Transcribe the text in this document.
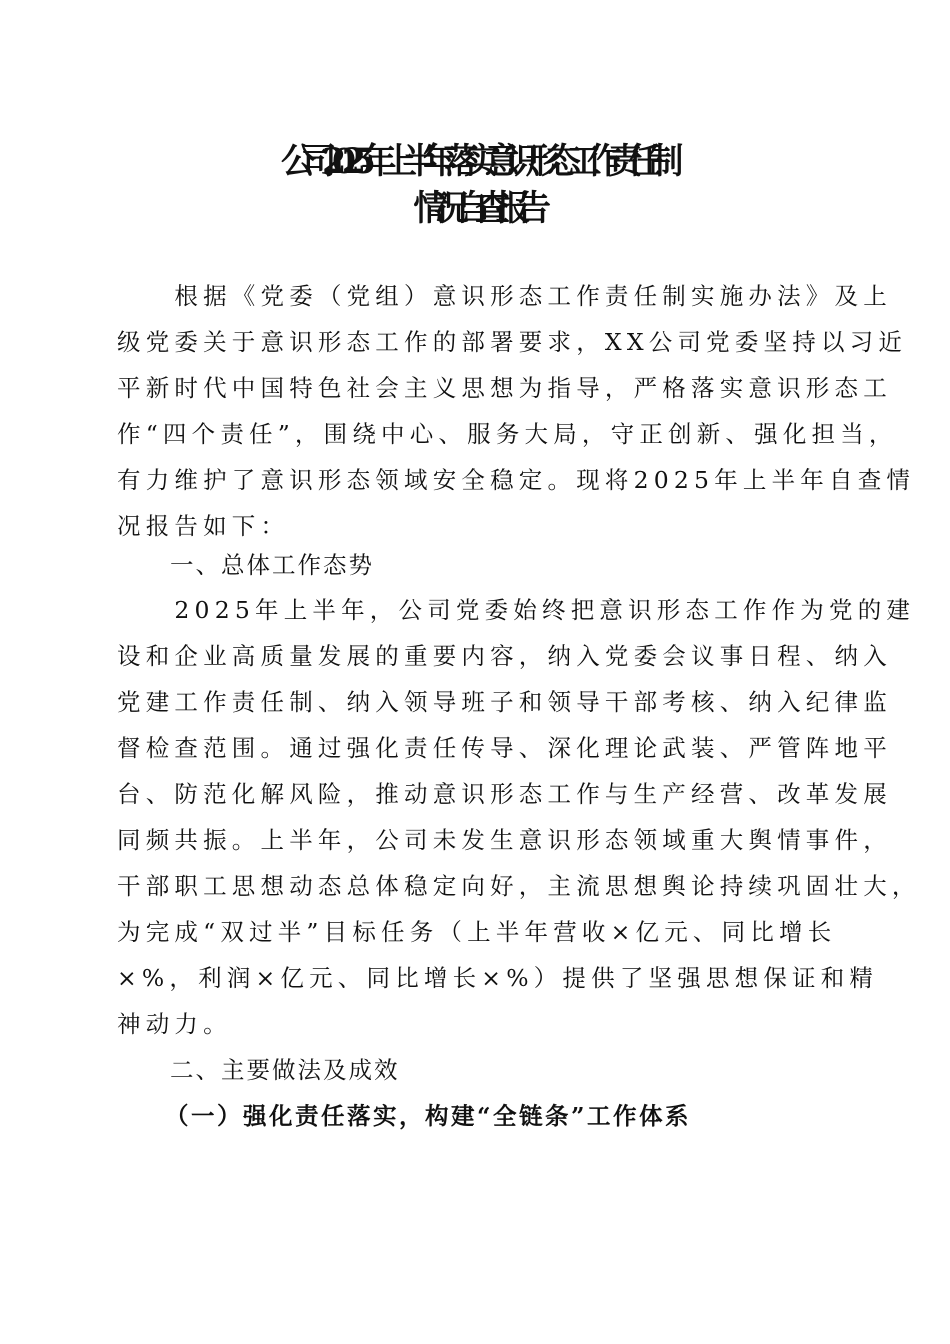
公司2025年上半年落实意识形态工作责任制
情况自查报告
　　根据《党委（党组）意识形态工作责任制实施办法》及上
级党委关于意识形态工作的部署要求，XX公司党委坚持以习近
平新时代中国特色社会主义思想为指导，严格落实意识形态工
作“四个责任”，围绕中心、服务大局，守正创新、强化担当，
有力维护了意识形态领域安全稳定。现将2025年上半年自查情
况报告如下：
一、总体工作态势
　　2025年上半年，公司党委始终把意识形态工作作为党的建
设和企业高质量发展的重要内容，纳入党委会议事日程、纳入
党建工作责任制、纳入领导班子和领导干部考核、纳入纪律监
督检查范围。通过强化责任传导、深化理论武装、严管阵地平
台、防范化解风险，推动意识形态工作与生产经营、改革发展
同频共振。上半年，公司未发生意识形态领域重大舆情事件，
干部职工思想动态总体稳定向好，主流思想舆论持续巩固壮大，
为完成“双过半”目标任务（上半年营收×亿元、同比增长
×%，利润×亿元、同比增长×%）提供了坚强思想保证和精
神动力。
二、主要做法及成效
（一）强化责任落实，构建“全链条”工作体系
